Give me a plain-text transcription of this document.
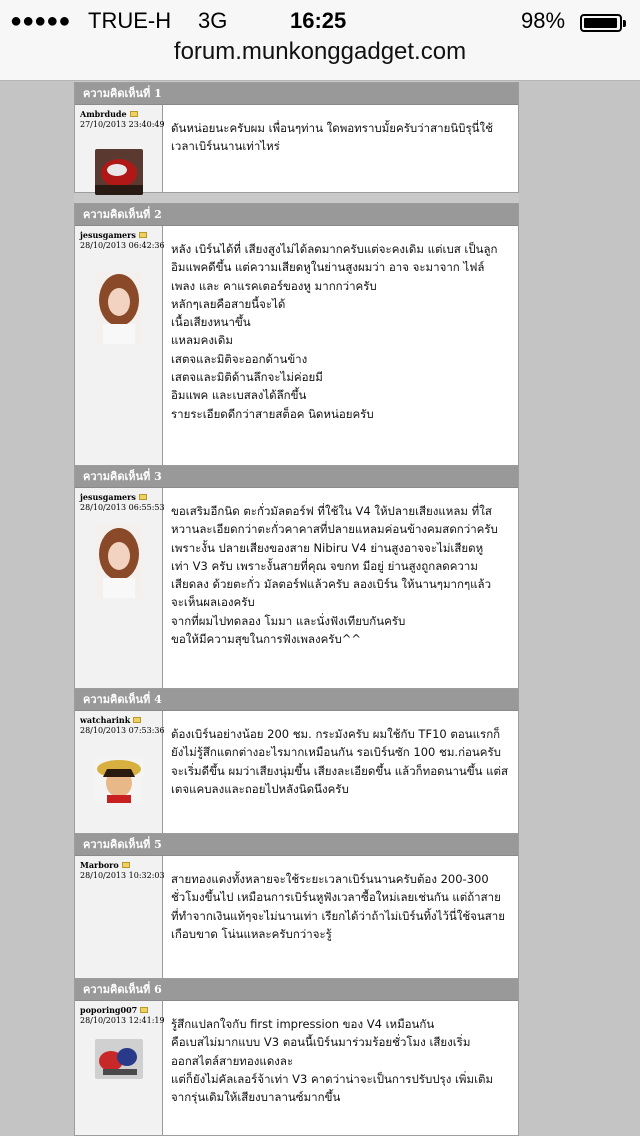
●●●●● TRUE-H 3G	16:25	98%
forum.munkonggadget.com
ความคิดเห็นที่ 1
Ambrdude
27/10/2013 23:40:49 ดันหน่อยนะครับผม เพื่อนๆท่าน ใดพอทราบมั้ยครับว่าสายนิบิรุนี่ใช้
เวลาเบิร์นนานเท่าไหร่
ความคิดเห็นที่ 2
jesusgamers
28/10/2013 06:42:36 หลัง เบิร์นได้ที่ เสียงสูงไม่ได้ลดมากครับแต่จะคงเดิม แต่เบส เป็นลูก
อิมแพคดีขึ้น แต่ความเสียดหูในย่านสูงผมว่า อาจ จะมาจาก ไฟล์
เพลง และ คาแรคเตอร์ของหู มากกว่าครับ
หลักๆเลยคือสายนี้จะได้
เนื้อเสียงหนาขึ้น
แหลมคงเดิม
เสตจและมิติจะออกด้านข้าง
เสตจและมิติด้านลึกจะไม่ค่อยมี
อิมแพค และเบสลงได้ลึกขึ้น
รายระเอียดดีกว่าสายสต็อค นิดหน่อยครับ
ความคิดเห็นที่ 3
jesusgamers
28/10/2013 06:55:53 ขอเสริมอีกนิด ตะกั่วมัลตอร์ฟ ที่ใช้ใน V4 ให้ปลายเสียงแหลม ที่ใส
หวานละเอียดกว่าตะกั่วคาคาสที่ปลายแหลมค่อนข้างคมสดกว่าครับ
เพราะงั้น ปลายเสียงของสาย Nibiru V4 ย่านสูงอาจจะไม่เสียดหู
เท่า V3 ครับ เพราะงั้นสายที่คุณ จขกท มีอยู่ ย่านสูงถูกลดความ
เสียดลง ด้วยตะกั่ว มัลตอร์ฟแล้วครับ ลองเบิร์น ให้นานๆมากๆแล้ว
จะเห็นผลเองครับ
จากที่ผมไปทดลอง โมมา และนั่งฟังเทียบกันครับ
ขอให้มีความสุขในการฟังเพลงครับ^^
ความคิดเห็นที่ 4
watcharink
28/10/2013 07:53:36 ต้องเบิร์นอย่างน้อย 200 ชม. กระมังครับ ผมใช้กับ TF10 ตอนแรกก็
ยังไม่รู้สึกแตกต่างอะไรมากเหมือนกัน รอเบิร์นซัก 100 ชม.ก่อนครับ
จะเริ่มดีขึ้น ผมว่าเสียงนุ่มขึ้น เสียงละเอียดขึ้น แล้วก็ทอดนานขึ้น แต่ส
เตจแคบลงและถอยไปหลังนิดนึงครับ
ความคิดเห็นที่ 5
Marboro
28/10/2013 10:32:03 สายทองแดงทั้งหลายจะใช้ระยะเวลาเบิร์นนานครับต้อง 200-300
ชั่วโมงขึ้นไป เหมือนการเบิร์นหูฟังเวลาซื้อใหม่เลยเช่นกัน แต่ถ้าสาย
ที่ทำจากเงินแท้ๆจะไม่นานเท่า เรียกได้ว่าถ้าไม่เบิร์นทิ้งไว้นี่ใช้จนสาย
เกือบขาด โน่นแหละครับกว่าจะรู้
ความคิดเห็นที่ 6
poporing007
28/10/2013 12:41:19 รู้สึกแปลกใจกับ first impression ของ V4 เหมือนกัน
คือเบสไม่มากแบบ V3 ตอนนี้เบิร์นมาร่วมร้อยชั่วโมง เสียงเริ่ม
ออกสไตล์สายทองแดงละ
แต่ก็ยังไม่คัลเลอร์จ้าเท่า V3 คาดว่าน่าจะเป็นการปรับปรุง เพิ่มเติม
จากรุ่นเดิมให้เสียงบาลานซ์มากขึ้น
